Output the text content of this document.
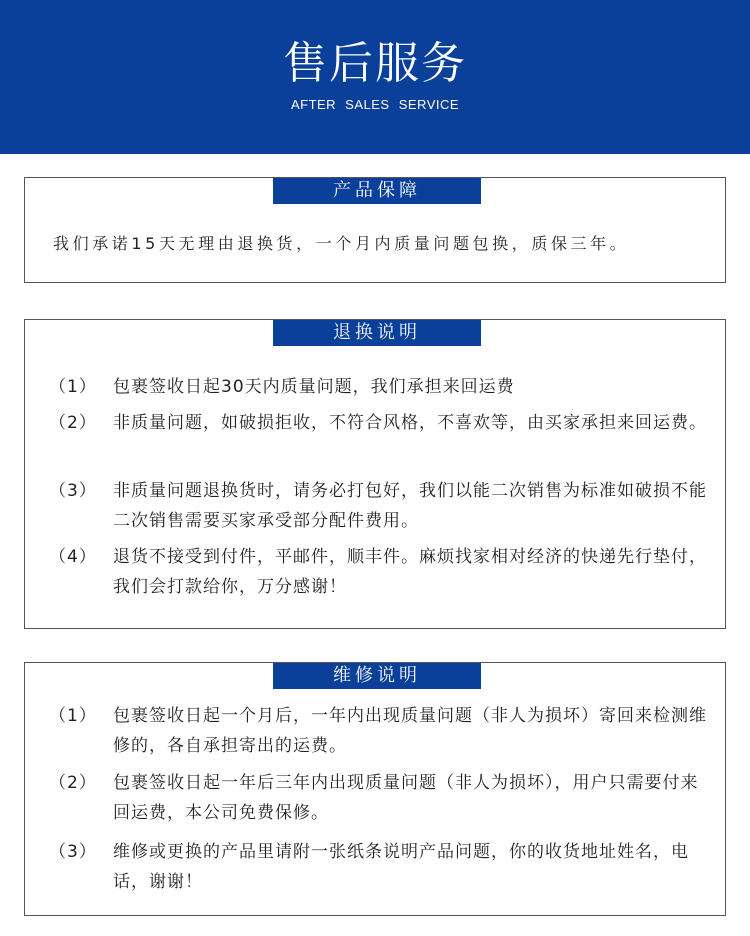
售后服务
AFTER SALES SERVICE
产品保障
我们承诺15天无理由退换货，一个月内质量问题包换，质保三年。
退换说明
（1） 包裹签收日起30天内质量问题，我们承担来回运费
（2） 非质量问题，如破损拒收，不符合风格，不喜欢等，由买家承担来回运费。
（3） 非质量问题退换货时，请务必打包好，我们以能二次销售为标准如破损不能二次销售需要买家承受部分配件费用。
（4） 退货不接受到付件，平邮件，顺丰件。麻烦找家相对经济的快递先行垫付，我们会打款给你，万分感谢！
维修说明
（1） 包裹签收日起一个月后，一年内出现质量问题（非人为损坏）寄回来检测维修的，各自承担寄出的运费。
（2） 包裹签收日起一年后三年内出现质量问题（非人为损坏），用户只需要付来回运费，本公司免费保修。
（3） 维修或更换的产品里请附一张纸条说明产品问题，你的收货地址姓名，电话，谢谢！
